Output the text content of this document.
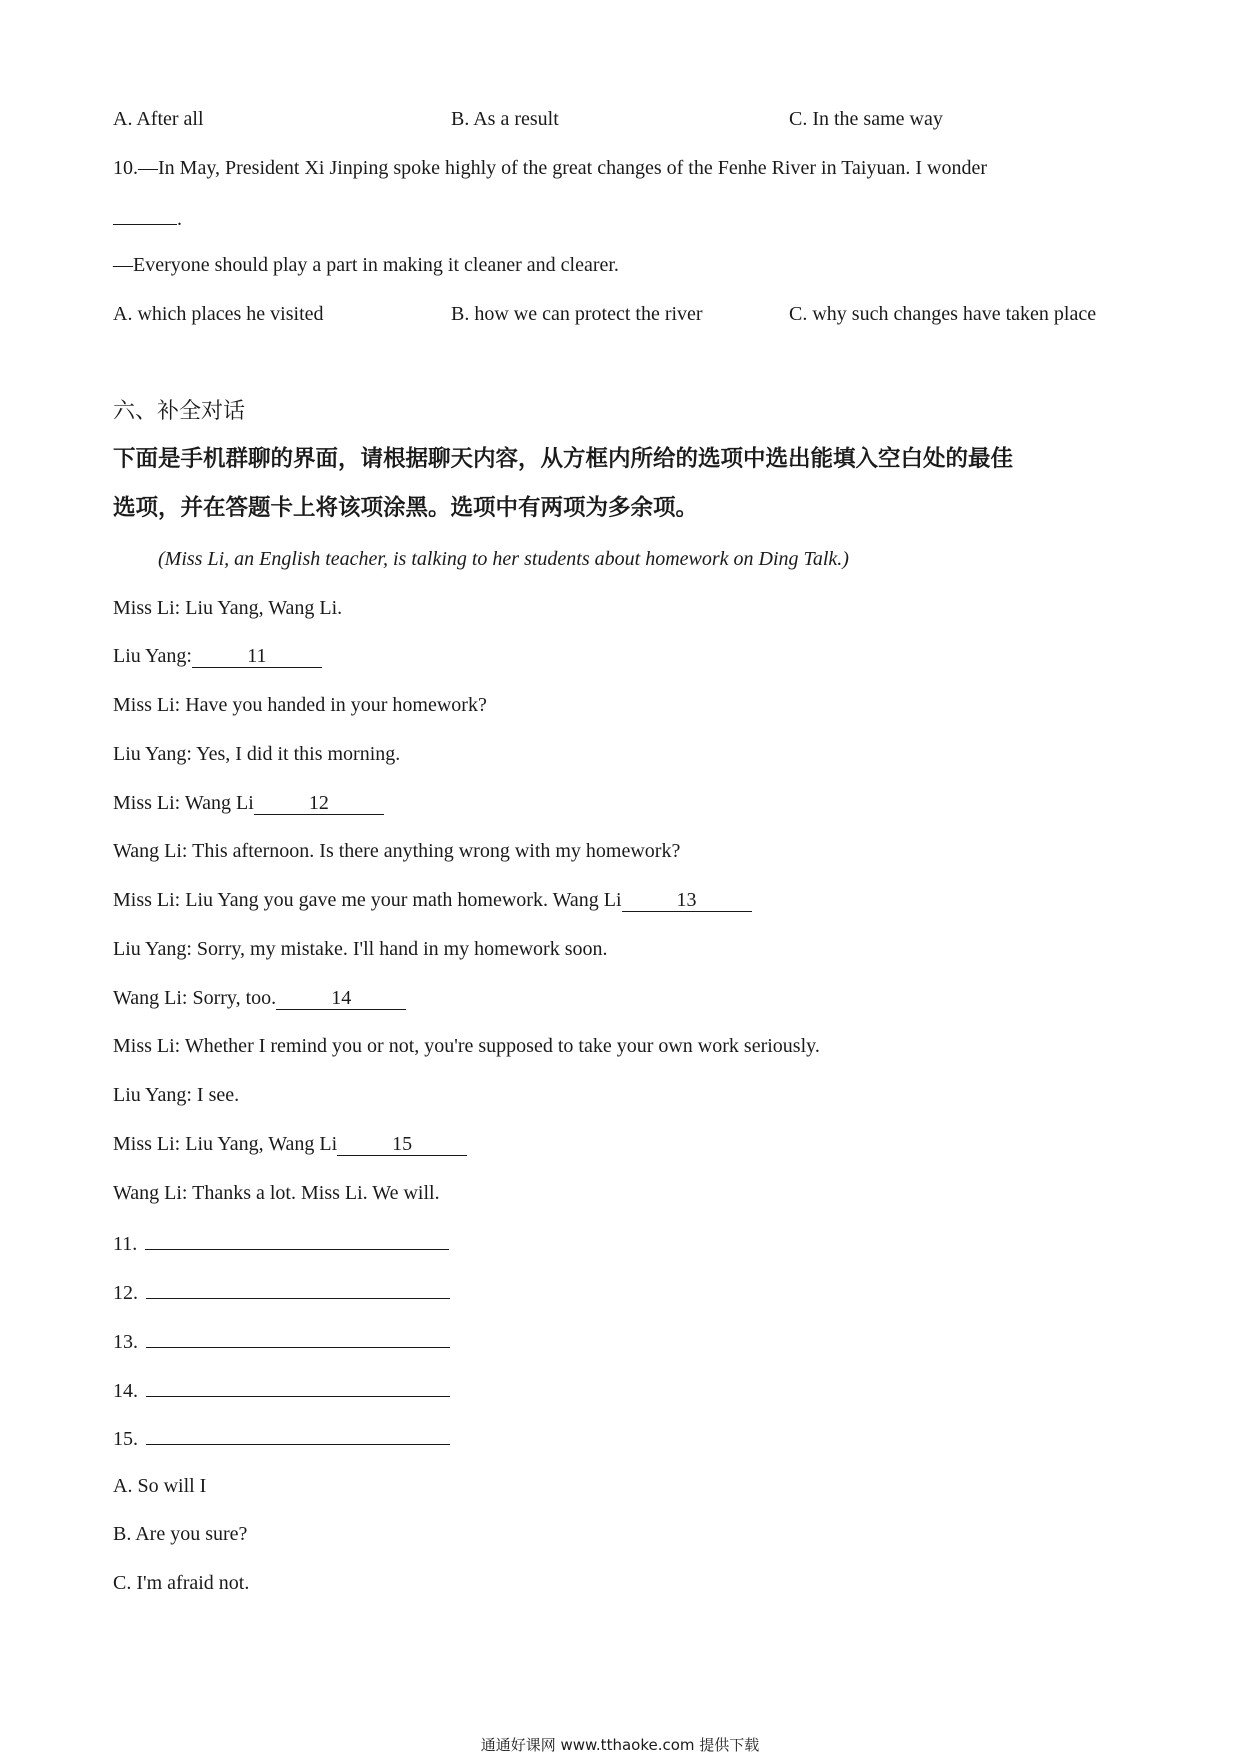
A. After all	B. As a result	C. In the same way
10.—In May, President Xi Jinping spoke highly of the great changes of the Fenhe River in Taiyuan. I wonder
.
—Everyone should play a part in making it cleaner and clearer.
A. which places he visited	B. how we can protect the river	C. why such changes have taken place
六、补全对话
下面是手机群聊的界面，请根据聊天内容，从方框内所给的选项中选出能填入空白处的最佳
选项，并在答题卡上将该项涂黑。选项中有两项为多余项。
(Miss Li, an English teacher, is talking to her students about homework on Ding Talk.)
Miss Li: Liu Yang, Wang Li.
Liu Yang:	11
Miss Li: Have you handed in your homework?
Liu Yang: Yes, I did it this morning.
Miss Li: Wang Li	12
Wang Li: This afternoon. Is there anything wrong with my homework?
Miss Li: Liu Yang you gave me your math homework. Wang Li	13
Liu Yang: Sorry, my mistake. I'll hand in my homework soon.
Wang Li: Sorry, too.	14
Miss Li: Whether I remind you or not, you're supposed to take your own work seriously.
Liu Yang: I see.
Miss Li: Liu Yang, Wang Li	15
Wang Li: Thanks a lot. Miss Li. We will.
11.
12.
13.
14.
15.
A. So will I
B. Are you sure?
C. I'm afraid not.
通通好课网 www.tthaoke.com 提供下载
